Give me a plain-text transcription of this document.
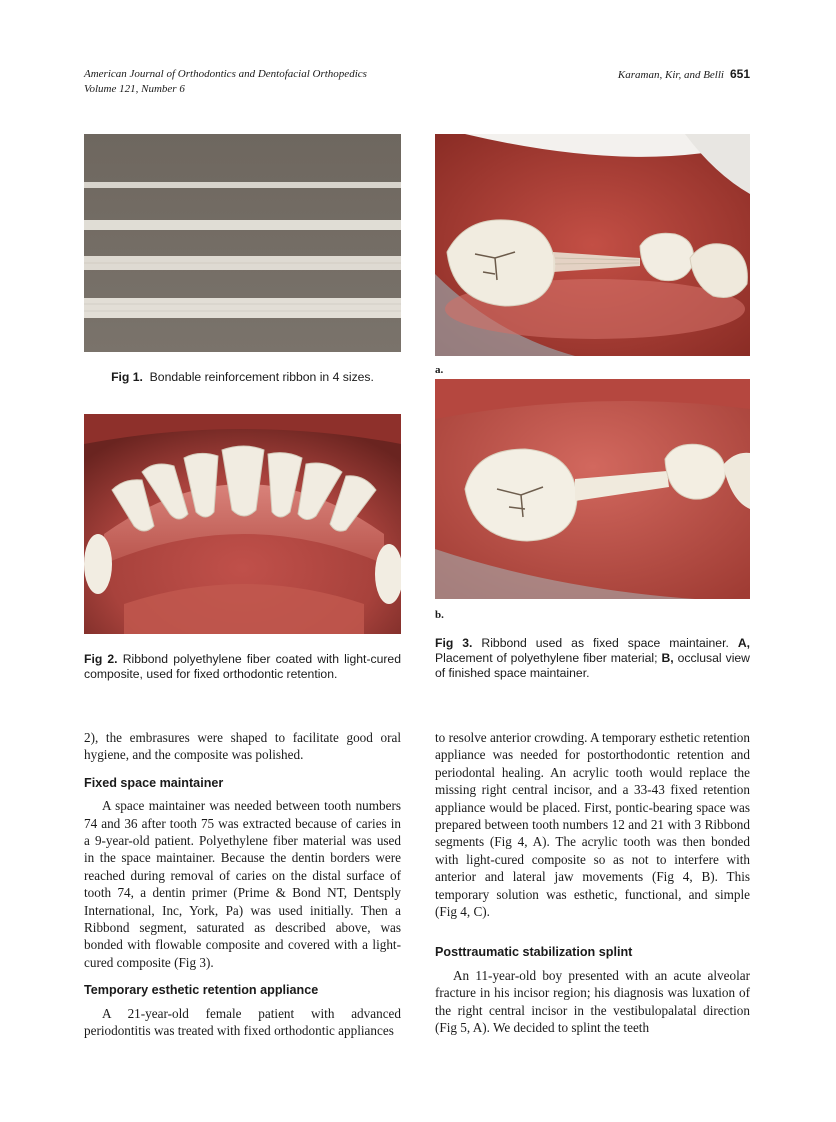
American Journal of Orthodontics and Dentofacial Orthopedics
Volume 121, Number 6
Karaman, Kir, and Belli 651
Fig 1. Bondable reinforcement ribbon in 4 sizes.
Fig 2. Ribbond polyethylene fiber coated with light-cured composite, used for fixed orthodontic retention.
a.
b.
Fig 3. Ribbond used as fixed space maintainer. A, Placement of polyethylene fiber material; B, occlusal view of finished space maintainer.

2), the embrasures were shaped to facilitate good oral hygiene, and the composite was polished.

Fixed space maintainer

A space maintainer was needed between tooth numbers 74 and 36 after tooth 75 was extracted because of caries in a 9-year-old patient. Polyethylene fiber material was used in the space maintainer. Because the dentin borders were reached during removal of caries on the distal surface of tooth 74, a dentin primer (Prime & Bond NT, Dentsply International, Inc, York, Pa) was used initially. Then a Ribbond segment, saturated as described above, was bonded with flowable composite and covered with a light-cured composite (Fig 3).

Temporary esthetic retention appliance

A 21-year-old female patient with advanced periodontitis was treated with fixed orthodontic appliances

to resolve anterior crowding. A temporary esthetic retention appliance was needed for postorthodontic retention and periodontal healing. An acrylic tooth would replace the missing right central incisor, and a 33-43 fixed retention appliance would be placed. First, pontic-bearing space was prepared between tooth numbers 12 and 21 with 3 Ribbond segments (Fig 4, A). The acrylic tooth was then bonded with light-cured composite so as not to interfere with anterior and lateral jaw movements (Fig 4, B). This temporary solution was esthetic, functional, and simple (Fig 4, C).

Posttraumatic stabilization splint

An 11-year-old boy presented with an acute alveolar fracture in his incisor region; his diagnosis was luxation of the right central incisor in the vestibulopalatal direction (Fig 5, A). We decided to splint the teeth
